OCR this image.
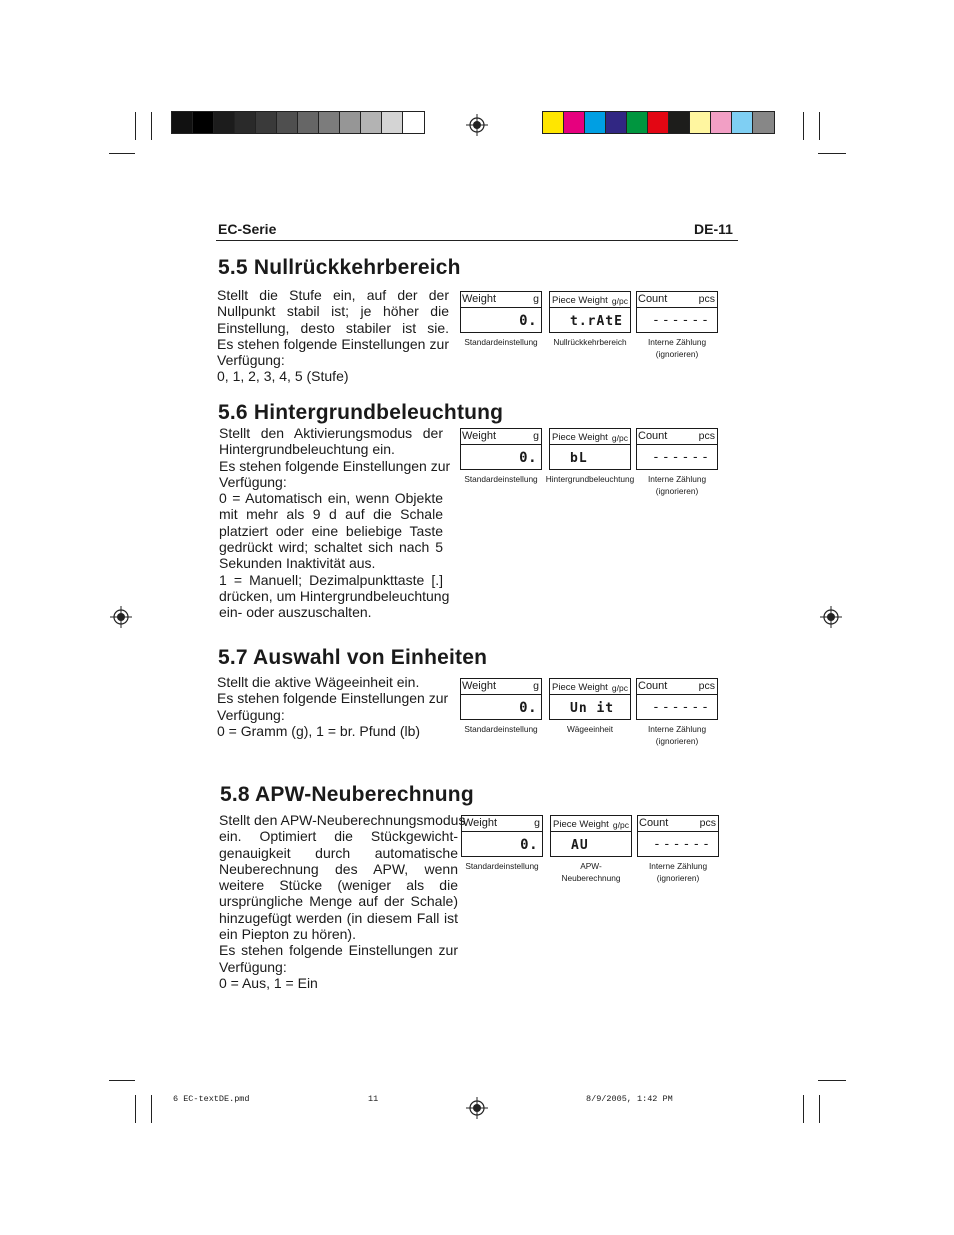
EC-Serie	DE-11
5.5 Nullrückkehrbereich
Stellt die Stufe ein, auf der der
Nullpunkt stabil ist; je höher die
Einstellung, desto stabiler ist sie.
Es stehen folgende Einstellungen zur
Verfügung:
0, 1, 2, 3, 4, 5 (Stufe)
Weight	g
0.
Standardeinstellung
Piece Weight g/pc
t.rAtE
Nullrückkehrbereich
Count	pcs
------
Interne Zählung
(ignorieren)
5.6 Hintergrundbeleuchtung
Stellt den Aktivierungsmodus der
Hintergrundbeleuchtung ein.
Es stehen folgende Einstellungen zur
Verfügung:
0 = Automatisch ein, wenn Objekte
mit mehr als 9 d auf die Schale
platziert oder eine beliebige Taste
gedrückt wird; schaltet sich nach 5
Sekunden Inaktivität aus.
1 = Manuell; Dezimalpunkttaste [.]
drücken, um Hintergrundbeleuchtung
ein- oder auszuschalten.
Weight	g
0.
Standardeinstellung
Piece Weight g/pc
bL
Hintergrundbeleuchtung
Count	pcs
------
Interne Zählung
(ignorieren)
5.7 Auswahl von Einheiten
Stellt die aktive Wägeeinheit ein.
Es stehen folgende Einstellungen zur
Verfügung:
0 = Gramm (g), 1 = br. Pfund (lb)
Weight	g
0.
Standardeinstellung
Piece Weight g/pc
Un it
Wägeeinheit
Count	pcs
------
Interne Zählung
(ignorieren)
5.8 APW-Neuberechnung
Stellt den APW-Neuberechnungsmodus
ein. Optimiert die Stückgewicht-
genauigkeit durch automatische
Neuberechnung des APW, wenn
weitere Stücke (weniger als die
ursprüngliche Menge auf der Schale)
hinzugefügt werden (in diesem Fall ist
ein Piepton zu hören).
Es stehen folgende Einstellungen zur
Verfügung:
0 = Aus, 1 = Ein
Weight	g
0.
Standardeinstellung
Piece Weight g/pc
AU
APW-
Neuberechnung
Count	pcs
------
Interne Zählung
(ignorieren)
6 EC-textDE.pmd	11	8/9/2005, 1:42 PM
